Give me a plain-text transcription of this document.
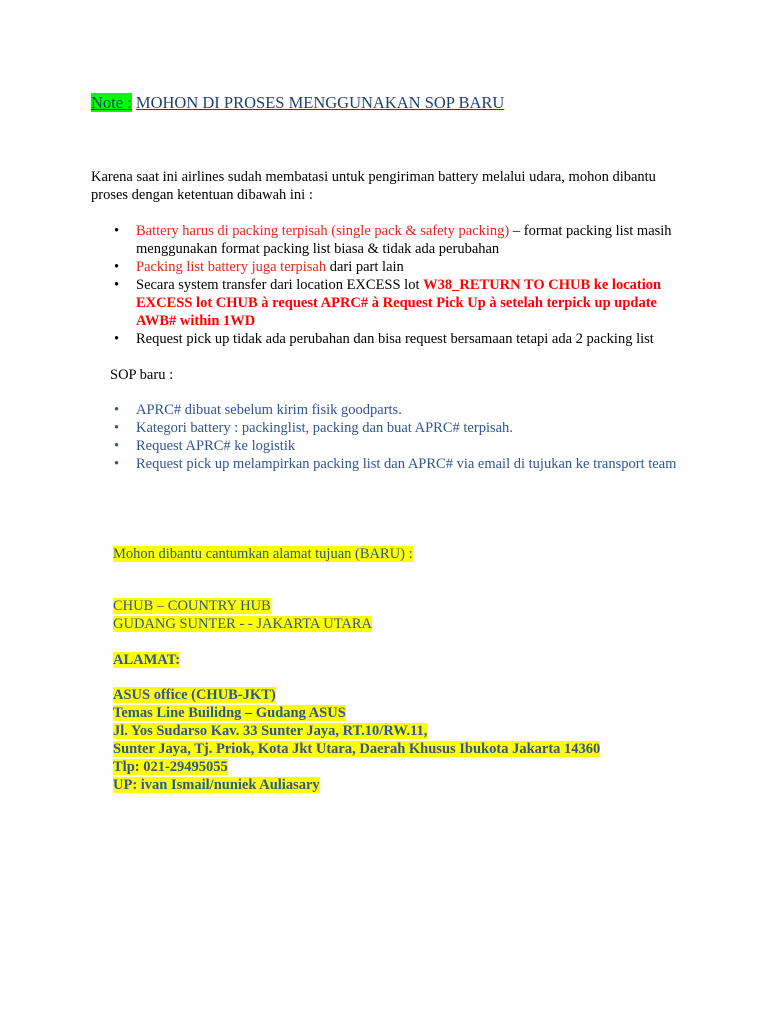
Note : MOHON DI PROSES MENGGUNAKAN SOP BARU
Karena saat ini airlines sudah membatasi untuk pengiriman battery melalui udara, mohon dibantu proses dengan ketentuan dibawah ini :
• Battery harus di packing terpisah (single pack & safety packing) – format packing list masih menggunakan format packing list biasa & tidak ada perubahan
• Packing list battery juga terpisah dari part lain
• Secara system transfer dari location EXCESS lot W38_RETURN TO CHUB ke location EXCESS lot CHUB à request APRC# à Request Pick Up à setelah terpick up update AWB# within 1WD
• Request pick up tidak ada perubahan dan bisa request bersamaan tetapi ada 2 packing list
SOP baru :
• APRC# dibuat sebelum kirim fisik goodparts.
• Kategori battery : packinglist, packing dan buat APRC# terpisah.
• Request APRC# ke logistik
• Request pick up melampirkan packing list dan APRC# via email di tujukan ke transport team
Mohon dibantu cantumkan alamat tujuan (BARU) :
CHUB – COUNTRY HUB
GUDANG SUNTER - - JAKARTA UTARA
ALAMAT:
ASUS office (CHUB-JKT)
Temas Line Builidng – Gudang ASUS
Jl. Yos Sudarso Kav. 33 Sunter Jaya, RT.10/RW.11,
Sunter Jaya, Tj. Priok, Kota Jkt Utara, Daerah Khusus Ibukota Jakarta 14360
Tlp: 021-29495055
UP: ivan Ismail/nuniek Auliasary
